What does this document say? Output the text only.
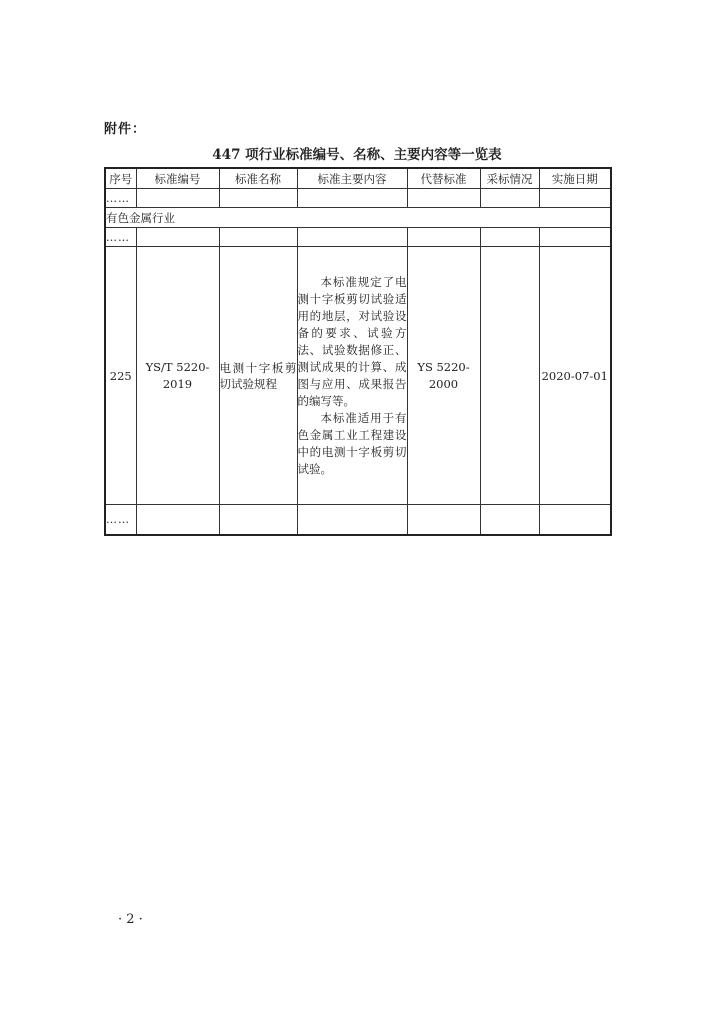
附件：
447 项行业标准编号、名称、主要内容等一览表
序号	标准编号	标准名称	标准主要内容	代替标准	采标情况	实施日期
……						
有色金属行业						
……						
225	YS/T 5220-2019	电测十字板剪切试验规程	本标准规定了电测十字板剪切试验适用的地层，对试验设备的要求、试验方法、试验数据修正、测试成果的计算、成图与应用、成果报告的编写等。

本标准适用于有色金属工业工程建设中的电测十字板剪切试验。	YS 5220-2000		2020-07-01
……						
· 2 ·
